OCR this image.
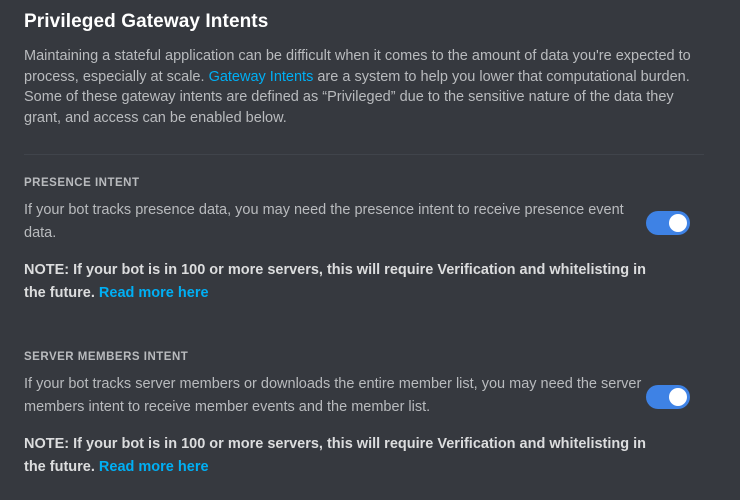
Privileged Gateway Intents

Maintaining a stateful application can be difficult when it comes to the amount of data you're expected to process, especially at scale. Gateway Intents are a system to help you lower that computational burden. Some of these gateway intents are defined as “Privileged” due to the sensitive nature of the data they grant, and access can be enabled below.

PRESENCE INTENT
If your bot tracks presence data, you may need the presence intent to receive presence event data.
NOTE: If your bot is in 100 or more servers, this will require Verification and whitelisting in the future. Read more here
SERVER MEMBERS INTENT
If your bot tracks server members or downloads the entire member list, you may need the server members intent to receive member events and the member list.
NOTE: If your bot is in 100 or more servers, this will require Verification and whitelisting in the future. Read more here
